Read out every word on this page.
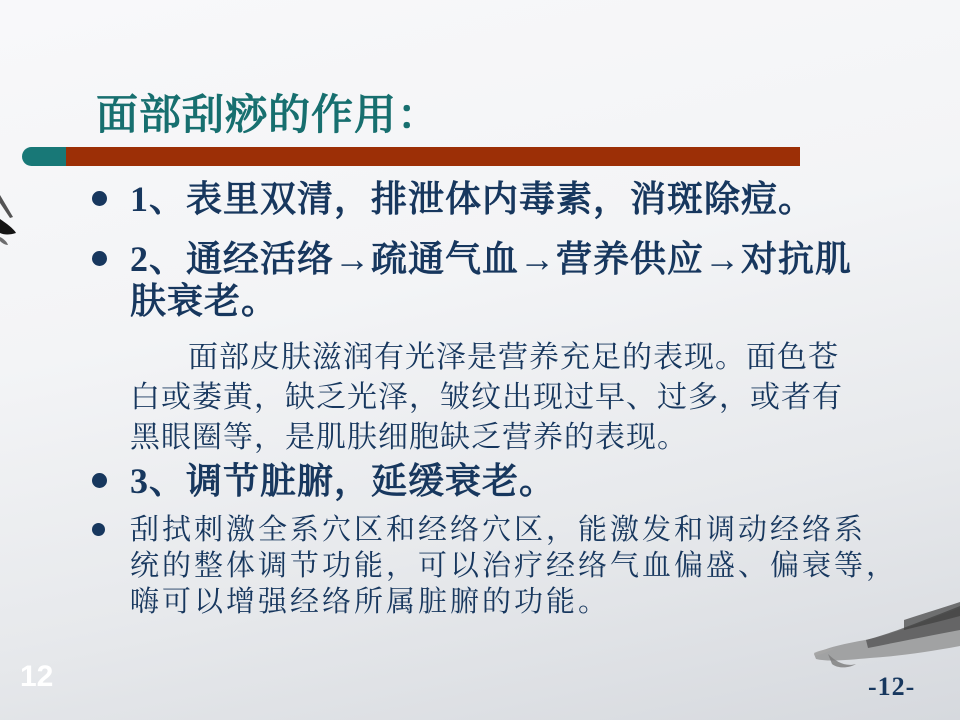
面部刮痧的作用：
1、表里双清，排泄体内毒素，消斑除痘。
2、通经活络→疏通气血→营养供应→对抗肌
肤衰老。
面部皮肤滋润有光泽是营养充足的表现。面色苍
白或萎黄，缺乏光泽，皱纹出现过早、过多，或者有
黑眼圈等，是肌肤细胞缺乏营养的表现。
3、调节脏腑，延缓衰老。
刮拭刺激全系穴区和经络穴区，能激发和调动经络系
统的整体调节功能，可以治疗经络气血偏盛、偏衰等，
嗨可以增强经络所属脏腑的功能。
12	-12-
